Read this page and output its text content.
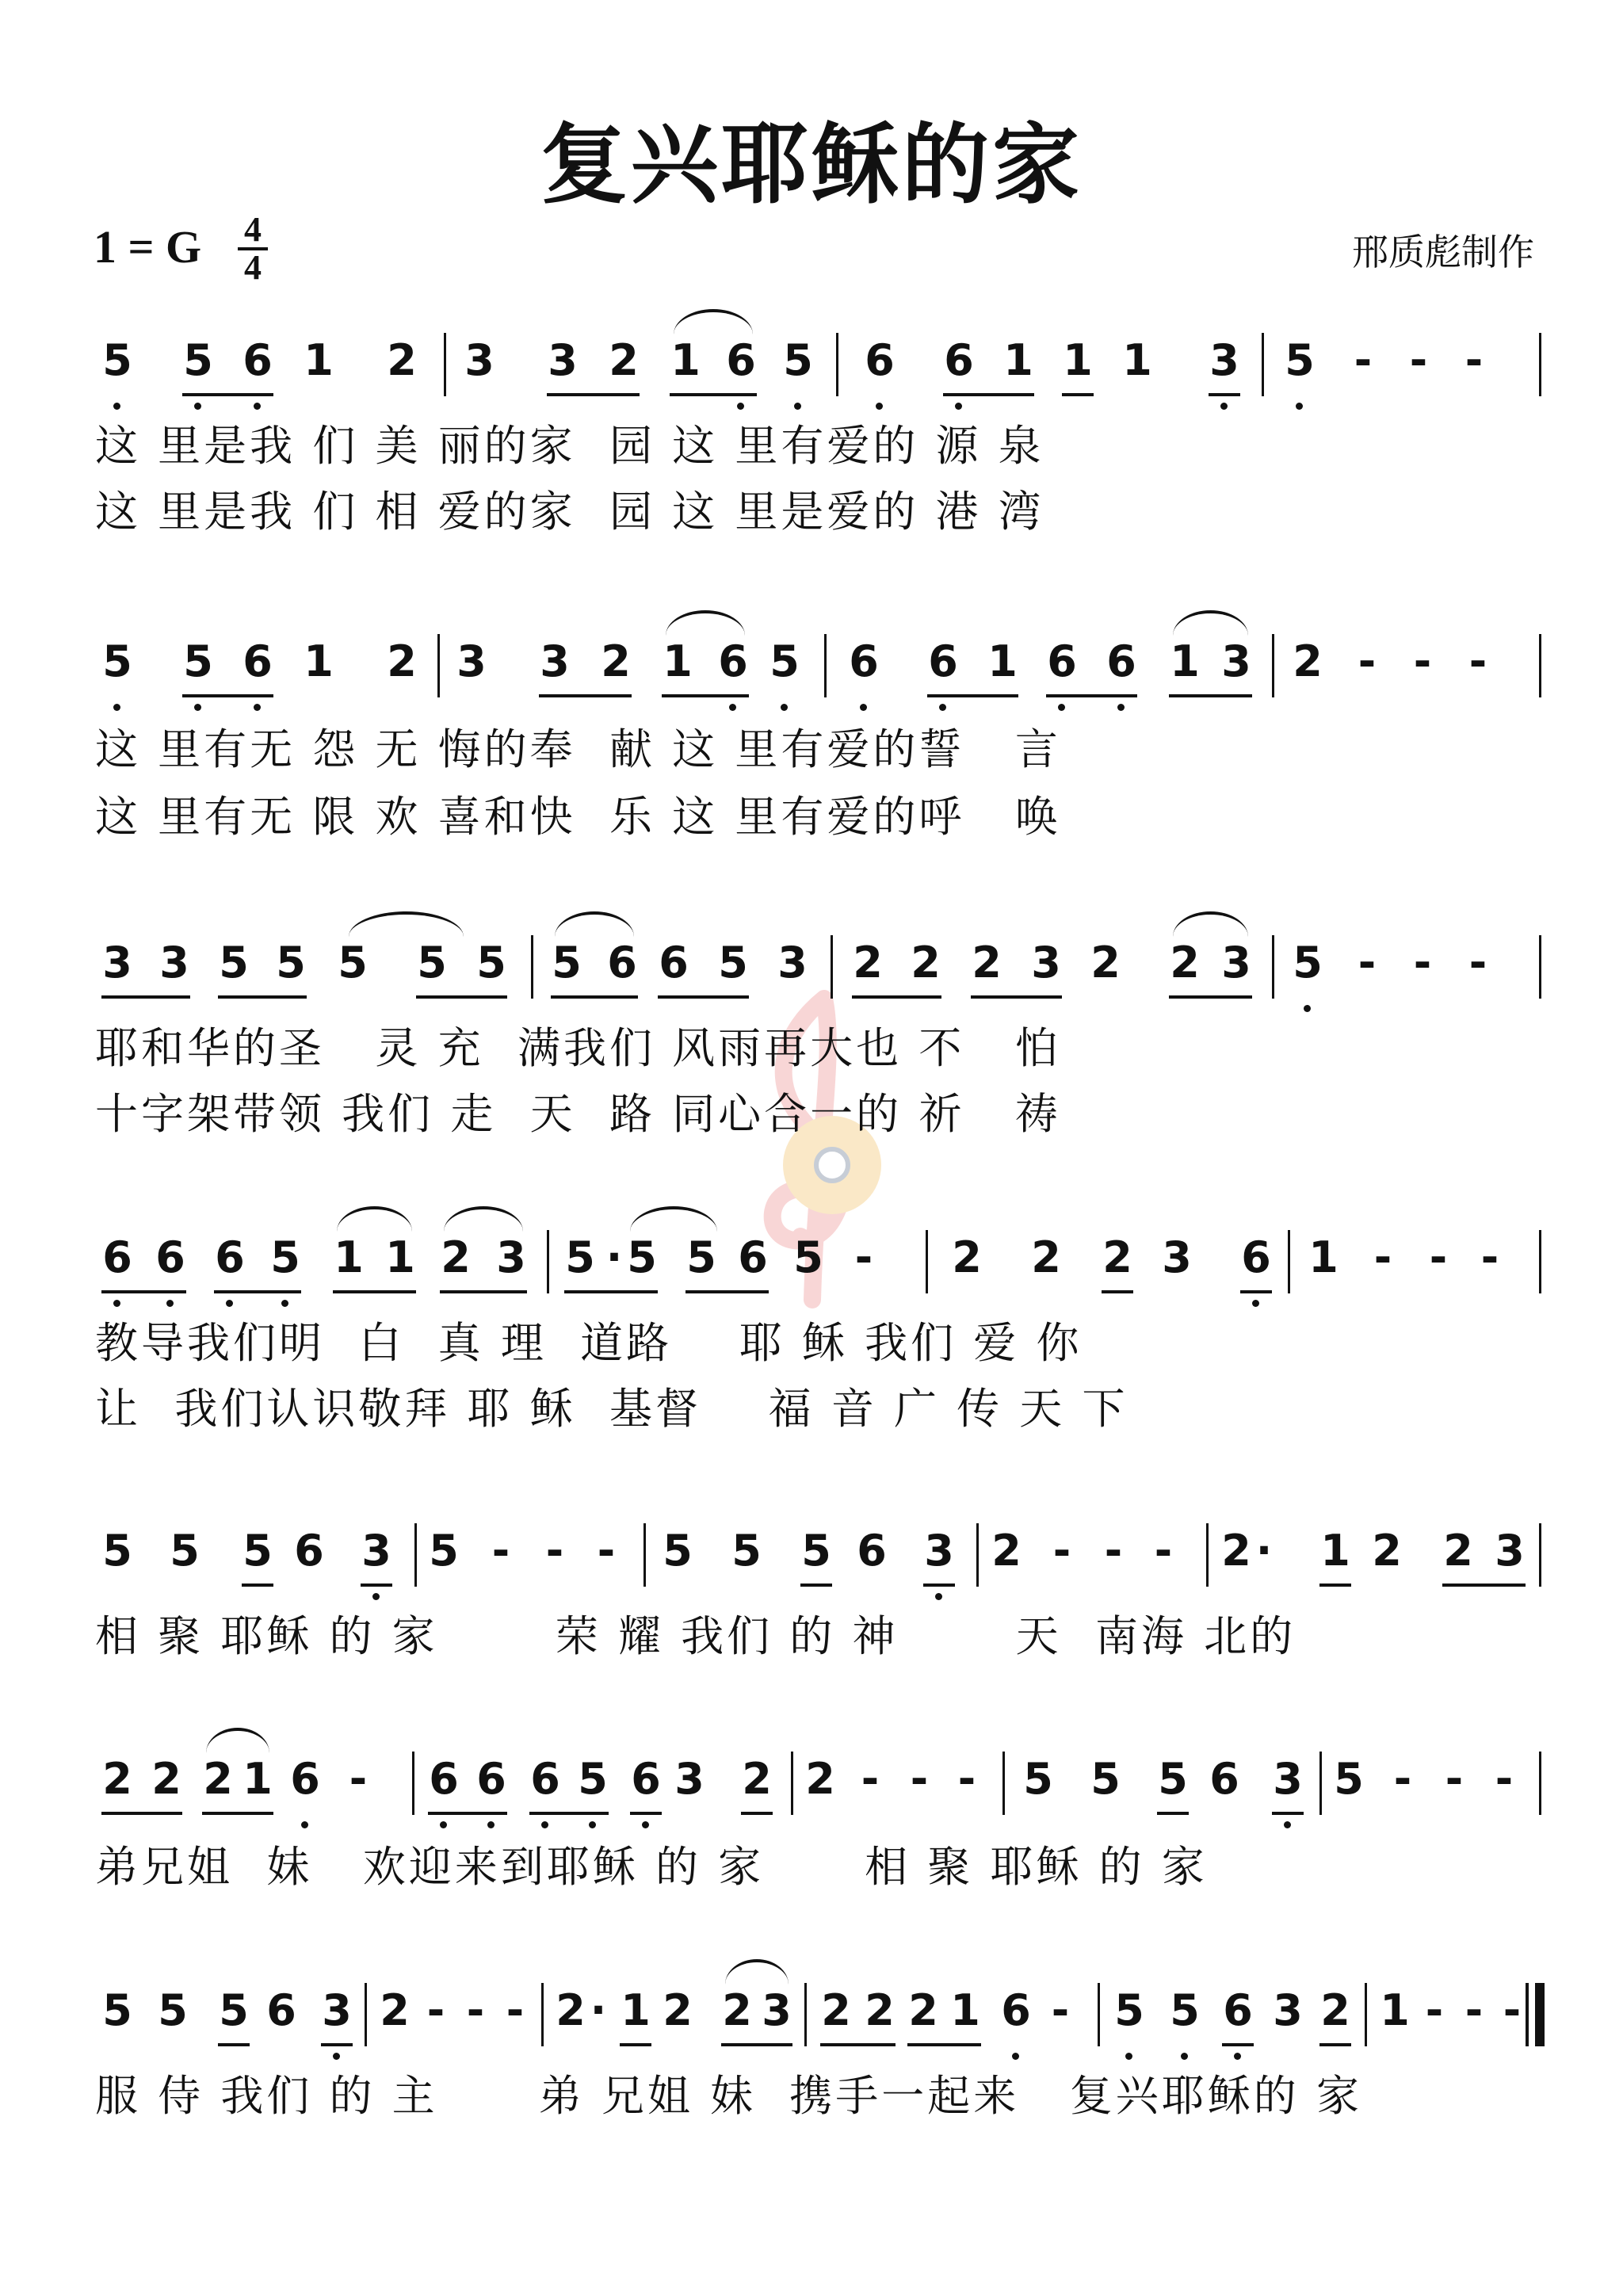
复兴耶稣的家
1 = G 4
4	邢质彪制作
5 5 6 1 2 3 3 2 1 6 5 6 6 1 1 1 3 5 - - -
这 里是我 们 美 丽的家  园 这 里有爱的 源 泉
这 里是我 们 相 爱的家  园 这 里是爱的 港 湾
5 5 6 1 2 3 3 2 1 6 5 6 6 1 6 6 1 3 2 - - -
这 里有无 怨 无 悔的奉  献 这 里有爱的誓   言
这 里有无 限 欢 喜和快  乐 这 里有爱的呼   唤
3 3 5 5 5 5 5 5 6 6 5 3 2 2 2 3 2 2 3 5 - - -
耶和华的圣   灵 充  满我们 风雨再大也 不   怕
十字架带领 我们 走  天  路 同心合一的 祈   祷
6 6 6 5 1 1 2 3 5 · 5 5 6 5 - 2 2 2 3 6 1 - - -
教导我们明  白  真 理  道路    耶 稣 我们 爱 你
让  我们认识敬拜 耶 稣  基督    福 音 广 传 天 下
5 5 5 6 3 5 - - - 5 5 5 6 3 2 - - - 2 · 1 2 2 3
相 聚 耶稣 的 家       荣 耀 我们 的 神       天  南海 北的
2 2 2 1 6 - 6 6 6 5 6 3 2 2 - - - 5 5 5 6 3 5 - - -
弟兄姐  妹   欢迎来到耶稣 的 家      相 聚 耶稣 的 家
5 5 5 6 3 2 - - - 2 · 1 2 2 3 2 2 2 1 6 - 5 5 6 3 2 1 - - -
服 侍 我们 的 主      弟 兄姐 妹  携手一起来   复兴耶稣的 家
